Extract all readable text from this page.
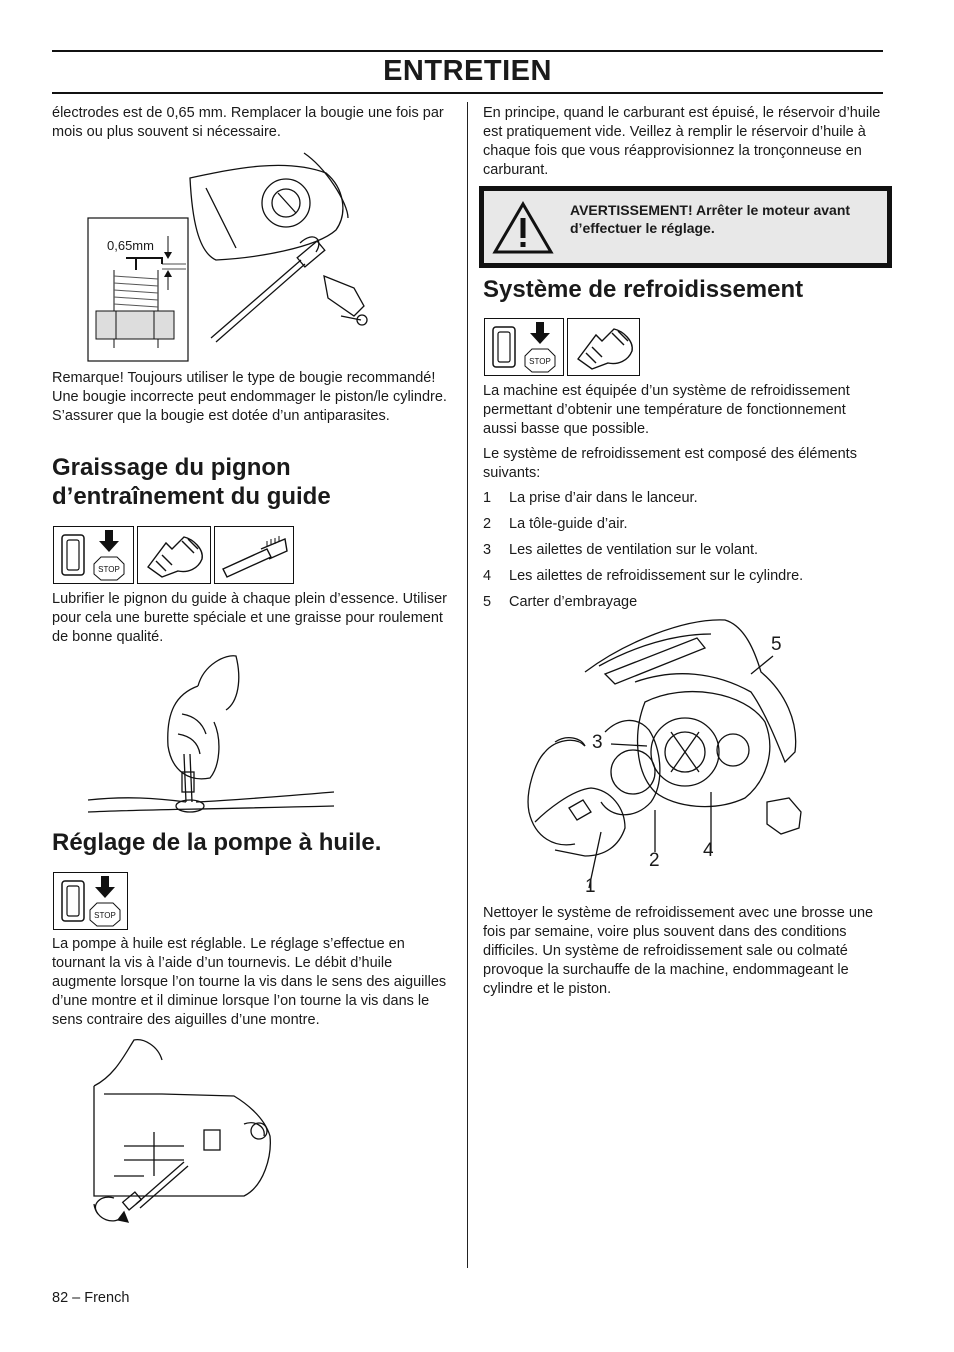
ENTRETIEN

électrodes est de 0,65 mm. Remplacer la bougie une fois par mois ou plus souvent si nécessaire.

0,65mm

Remarque! Toujours utiliser le type de bougie recommandé! Une bougie incorrecte peut endommager le piston/le cylindre. S’assurer que la bougie est dotée d’un antiparasites.

Graissage du pignon

d’entraînement du guide

STOP

Lubrifier le pignon du guide à chaque plein d’essence. Utiliser pour cela une burette spéciale et une graisse pour roulement de bonne qualité.

Réglage de la pompe à huile.

STOP

La pompe à huile est réglable. Le réglage s’effectue en tournant la vis à l’aide d’un tournevis. Le débit d’huile augmente lorsque l’on tourne la vis dans le sens des aiguilles d’une montre et il diminue lorsque l’on tourne la vis dans le sens contraire des aiguilles d’une montre.

82 – French

En principe, quand le carburant est épuisé, le réservoir d’huile est pratiquement vide. Veillez à remplir le réservoir d’huile à chaque fois que vous réapprovisionnez la tronçonneuse en carburant.

AVERTISSEMENT! Arrêter le moteur avant d’effectuer le réglage.

Système de refroidissement

STOP

La machine est équipée d’un système de refroidissement permettant d’obtenir une température de fonctionnement aussi basse que possible.

Le système de refroidissement est composé des éléments suivants:

1	La prise d’air dans le lanceur.
2	La tôle-guide d’air.
3	Les ailettes de ventilation sur le volant.
4	Les ailettes de refroidissement sur le cylindre.
5	Carter d’embrayage
1
2
3
4
5

Nettoyer le système de refroidissement avec une brosse une fois par semaine, voire plus souvent dans des conditions difficiles. Un système de refroidissement sale ou colmaté provoque la surchauffe de la machine, endommageant le cylindre et le piston.
